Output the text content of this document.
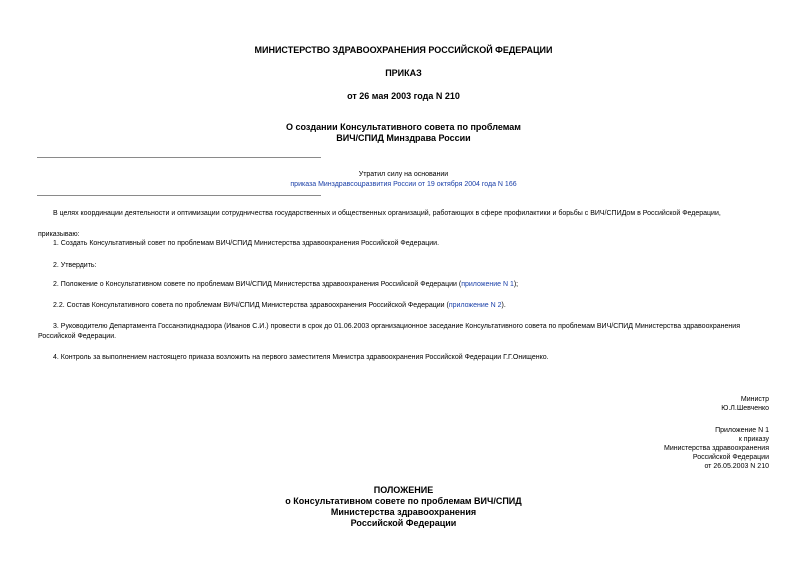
МИНИСТЕРСТВО ЗДРАВООХРАНЕНИЯ РОССИЙСКОЙ ФЕДЕРАЦИИ
ПРИКАЗ
от 26 мая 2003 года N 210
О создании Консультативного совета по проблемам
ВИЧ/СПИД Минздрава России
Утратил силу на основании
приказа Минздравсоцразвития России от 19 октября 2004 года N 166
В целях координации деятельности и оптимизации сотрудничества государственных и общественных организаций, работающих в сфере профилактики и борьбы с ВИЧ/СПИДом в Российской Федерации,
приказываю:
1. Создать Консультативный совет по проблемам ВИЧ/СПИД Министерства здравоохранения Российской Федерации.
2. Утвердить:
2. Положение о Консультативном совете по проблемам ВИЧ/СПИД Министерства здравоохранения Российской Федерации (приложение N 1);
2.2. Состав Консультативного совета по проблемам ВИЧ/СПИД Министерства здравоохранения Российской Федерации (приложение N 2).
3. Руководителю Департамента Госсанэпиднадзора (Иванов С.И.) провести в срок до 01.06.2003 организационное заседание Консультативного совета по проблемам ВИЧ/СПИД Министерства здравоохранения
Российской Федерации.
4. Контроль за выполнением настоящего приказа возложить на первого заместителя Министра здравоохранения Российской Федерации Г.Г.Онищенко.
Министр
Ю.Л.Шевченко
Приложение N 1
к приказу
Министерства здравоохранения
Российской Федерации
от 26.05.2003 N 210
ПОЛОЖЕНИЕ
о Консультативном совете по проблемам ВИЧ/СПИД
Министерства здравоохранения
Российской Федерации
